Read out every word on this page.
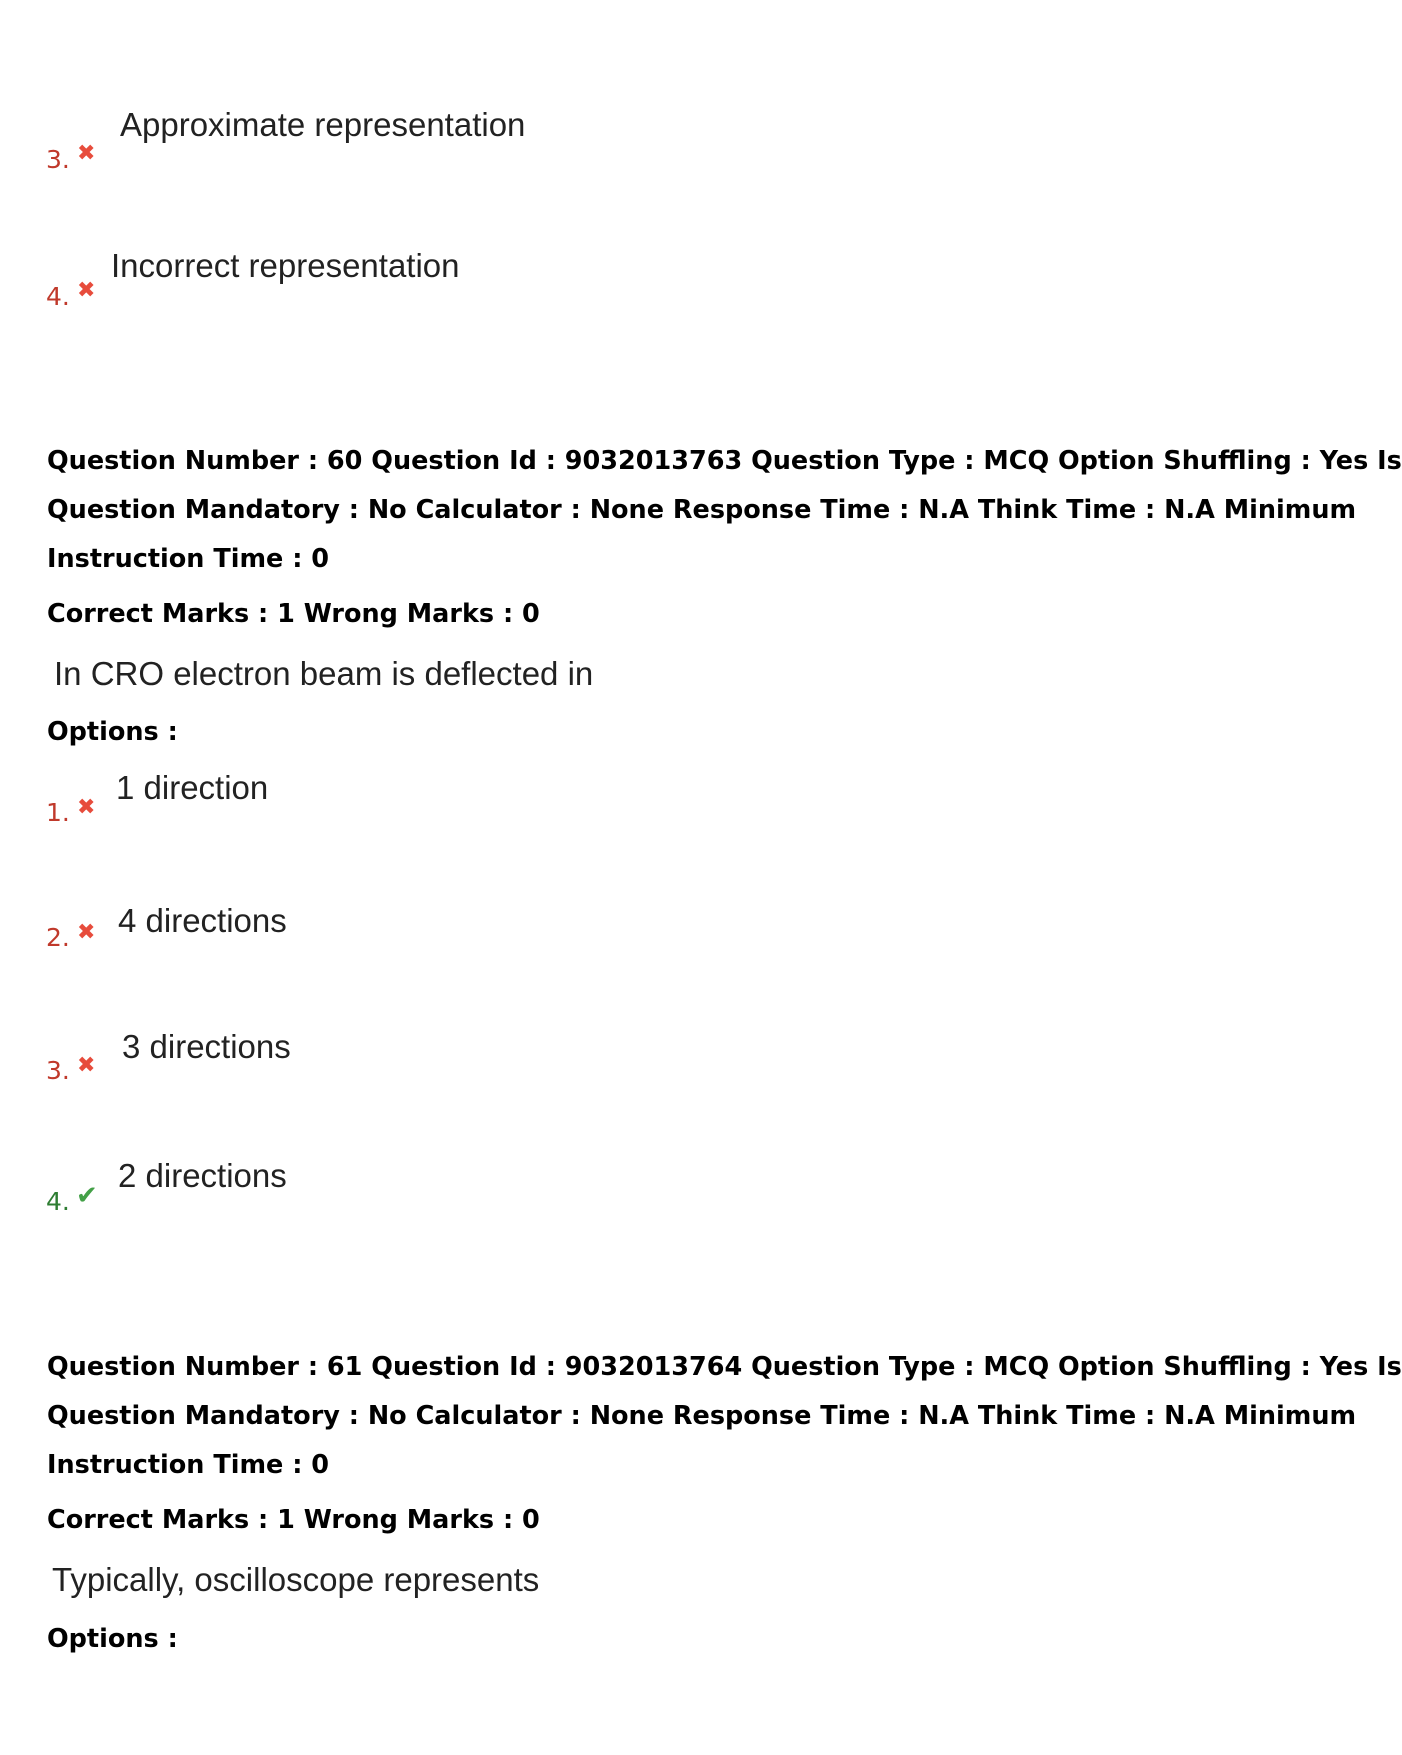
3. ✖
Approximate representation
4. ✖
Incorrect representation
Question Number : 60 Question Id : 9032013763 Question Type : MCQ Option Shuffling : Yes Is
Question Mandatory : No Calculator : None Response Time : N.A Think Time : N.A Minimum
Instruction Time : 0
Correct Marks : 1 Wrong Marks : 0
In CRO electron beam is deflected in
Options :
1. ✖
1 direction
2. ✖ 4 directions
3. ✖
3 directions
4. ✔
2 directions
Question Number : 61 Question Id : 9032013764 Question Type : MCQ Option Shuffling : Yes Is
Question Mandatory : No Calculator : None Response Time : N.A Think Time : N.A Minimum
Instruction Time : 0
Correct Marks : 1 Wrong Marks : 0
Typically, oscilloscope represents
Options :
